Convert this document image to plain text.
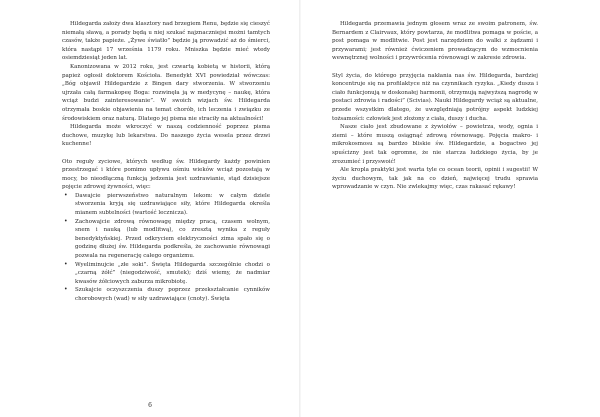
Hildegarda założy dwa klasztory nad brzegiem Renu, będzie się cieszyć niemałą sławą, a porady będą u niej szukać najznaczniejsi możni tamtych czasów, także papieże. „Żywe światło” będzie ją prowadzić aż do śmierci, która nastąpi 17 września 1179 roku. Mniszka będzie mieć wtedy osiemdziesiąt jeden lat.

Kanonizowana w 2012 roku, jest czwartą kobietą w historii, którą papież ogłosił doktorem Kościoła. Benedykt XVI powiedział wówczas: „Bóg objawił Hildegardzie z Bingen dary stworzenia. W stworzeniu ujrzała całą farmakopeę Boga: rozwinęła ją w medycynę – naukę, która wciąż budzi zainteresowanie”. W swoich wizjach św. Hildegarda otrzymała boskie objawienia na temat chorób, ich leczenia i związku ze środowiskiem oraz naturą. Dlatego jej pisma nie straciły na aktualności!

Hildegarda może wkroczyć w naszą codzienność poprzez pisma duchowe, muzykę lub lekarstwa. Do naszego życia wesela przez drzwi kuchenne!

Oto reguły zyciowe, których według św. Hildegardy każdy powinien przestrzegać i które pomimo upływu ośmiu wieków wciąż pozostają w mocy, bo nieodłączną funkcją jedzenia jest uzdrawianie, stąd dzisiejsze pojęcie zdrowej żywności, więc:

• Dawajcie pierwszeństwo naturalnym lekom: w całym dziele stworzenia kryją się uzdrawiające siły, które Hildegarda określa mianem subtelności (wartość lecznicza).
• Zachowajcie zdrową równowagę między pracą, czasem wolnym, snem i nauką (lub modlitwą), co zresztą wynika z reguły benedyktyńskiej. Przed odkryciem elektryczności zima spało się o godzinę dłużej św. Hildegarda podkreśla, że zachowanie równowagi pozwala na regenerację całego organizmu.
• Wyeliminujcie „złe soki”. Święta Hildegarda szczególnie chodzi o „czarną żółć” (niegodziwość, smutek); dziś wiemy, że nadmiar kwasów żółciowych zaburza mikrobiotę.
• Szukajcie oczyszczenia duszy poprzez przekształcanie cynników chorobowych (wad) w siły uzdrawiające (cnoty). Święta
6

Hildegarda przemawia jednym głosem wraz ze swoim patronem, św. Bernardem z Clairvaux, który powtarza, że modlitwa pomaga w poście, a post pomaga w modlitwie. Post jest narzędziem do walki z żądzami i przywarami; jest również ćwiczeniem prowadzącym do wzmocnienia wewnętrznej wolności i przywrócenia równowagi w zakresie zdrowia.

Styl życia, do którego przyjęcia nakłania nas św. Hildegarda, bardziej koncentruje się na profilaktyce niż na czynnikach ryzyka. „Kiedy dusza i ciało funkcjonują w doskonałej harmonii, otrzymują najwyższą nagrodę w postaci zdrowia i radości” (Scivias). Nauki Hildegardy wciąż są aktualne, przede wszystkim dlatego, że uwzględniają potrójny aspekt ludzkiej tożsamości: człowiek jest złożony z ciała, duszy i ducha.

Nasze ciało jest zbudowane z żywiołów – powietrza, wody, ognia i ziemi – które muszą osiągnąć zdrową równowagę. Pojęcia makro- i mikrokosmosu są bardzo bliskie św. Hildegardzie, a bogactwo jej spuścizny jest tak ogromne, że nie starcza ludzkiego życia, by je zrozumieć i przyswoić!

Ale kropla praktyki jest warta tyle co ocean teorii, opinii i sugestii! W życiu duchowym, tak jak na co dzień, najwięcej trudu sprawia wprowadzanie w czyn. Nie zwlekajmy więc, czas rakasać rękawy!
